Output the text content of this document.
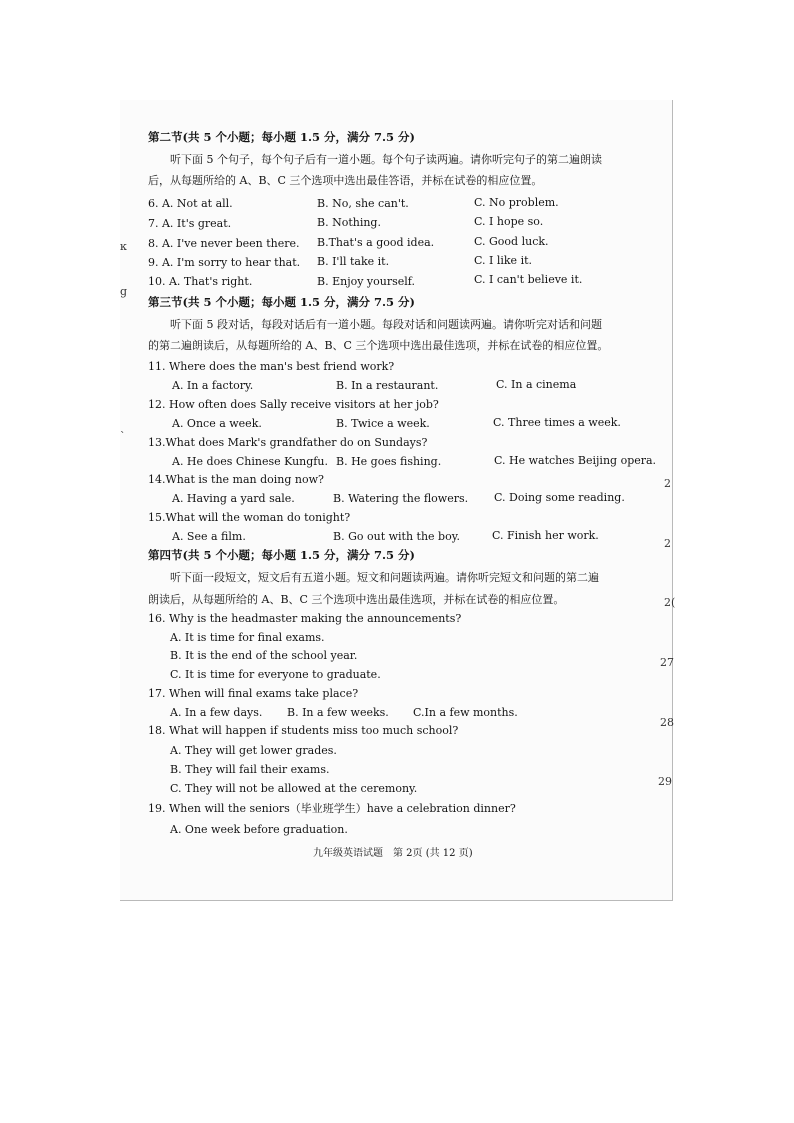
第二节(共 5 个小题；每小题 1.5 分，满分 7.5 分)
听下面 5 个句子，每个句子后有一道小题。每个句子读两遍。请你听完句子的第二遍朗读
后，从每题所给的 A、B、C 三个选项中选出最佳答语，并标在试卷的相应位置。
6. A. Not at all.	B. No, she can't.	C. No problem.
7. A. It's great.	B. Nothing.	C. I hope so.
8. A. I've never been there. B.That's a good idea.	C. Good luck.
9. A. I'm sorry to hear that. B. I'll take it.	C. I like it.
10. A. That's right.	B. Enjoy yourself.	C. I can't believe it.
第三节(共 5 个小题；每小题 1.5 分，满分 7.5 分)
听下面 5 段对话，每段对话后有一道小题。每段对话和问题读两遍。请你听完对话和问题
的第二遍朗读后，从每题所给的 A、B、C 三个选项中选出最佳选项，并标在试卷的相应位置。
11. Where does the man's best friend work?
A. In a factory.	B. In a restaurant.	C. In a cinema
12. How often does Sally receive visitors at her job?
A. Once a week.	B. Twice a week.	C. Three times a week.
13.What does Mark's grandfather do on Sundays?
A. He does Chinese Kungfu. B. He goes fishing.	C. He watches Beijing opera.
14.What is the man doing now?
A. Having a yard sale.	B. Watering the flowers. C. Doing some reading.
15.What will the woman do tonight?
A. See a film.	B. Go out with the boy.	C. Finish her work.
第四节(共 5 个小题；每小题 1.5 分，满分 7.5 分)
听下面一段短文，短文后有五道小题。短文和问题读两遍。请你听完短文和问题的第二遍
朗读后，从每题所给的 A、B、C 三个选项中选出最佳选项，并标在试卷的相应位置。
16. Why is the headmaster making the announcements?
A. It is time for final exams.
B. It is the end of the school year.
C. It is time for everyone to graduate.
17. When will final exams take place?
A. In a few days. B. In a few weeks. C.In a few months.
18. What will happen if students miss too much school?
A. They will get lower grades.
B. They will fail their exams.
C. They will not be allowed at the ceremony.
19. When will the seniors（毕业班学生）have a celebration dinner?
A. One week before graduation.
九年级英语试题　第 2页 (共 12 页)
ĸ
g
`
2
2
2(
27
28
29
